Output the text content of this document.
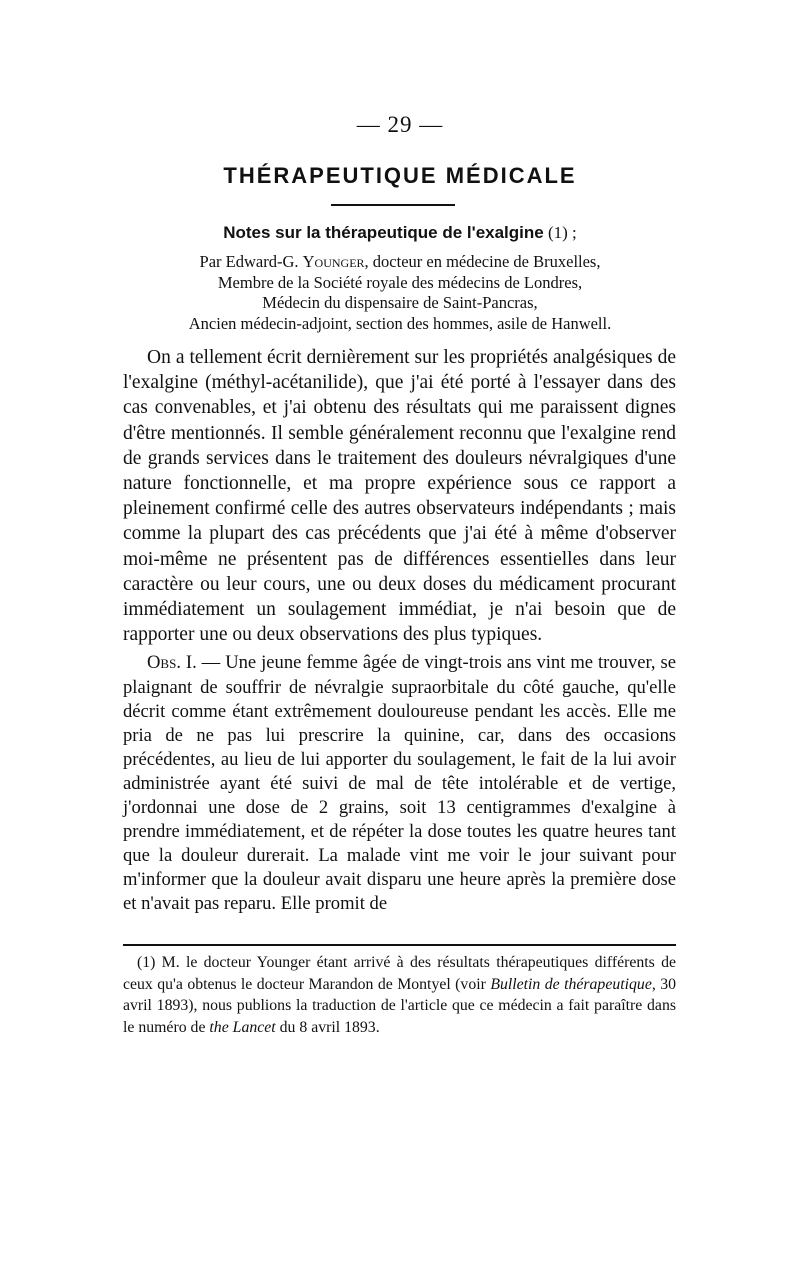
— 29 —
THÉRAPEUTIQUE MÉDICALE
Notes sur la thérapeutique de l'exalgine (1) ;
Par Edward-G. Younger, docteur en médecine de Bruxelles,
Membre de la Société royale des médecins de Londres,
Médecin du dispensaire de Saint-Pancras,
Ancien médecin-adjoint, section des hommes, asile de Hanwell.

On a tellement écrit dernièrement sur les propriétés analgésiques de l'exalgine (méthyl-acétanilide), que j'ai été porté à l'essayer dans des cas convenables, et j'ai obtenu des résultats qui me paraissent dignes d'être mentionnés. Il semble généralement reconnu que l'exalgine rend de grands services dans le traitement des douleurs névralgiques d'une nature fonctionnelle, et ma propre expérience sous ce rapport a pleinement confirmé celle des autres observateurs indépendants ; mais comme la plupart des cas précédents que j'ai été à même d'observer moi-même ne présentent pas de différences essentielles dans leur caractère ou leur cours, une ou deux doses du médicament procurant immédiatement un soulagement immédiat, je n'ai besoin que de rapporter une ou deux observations des plus typiques.

Obs. I. — Une jeune femme âgée de vingt-trois ans vint me trouver, se plaignant de souffrir de névralgie supraorbitale du côté gauche, qu'elle décrit comme étant extrêmement douloureuse pendant les accès. Elle me pria de ne pas lui prescrire la quinine, car, dans des occasions précédentes, au lieu de lui apporter du soulagement, le fait de la lui avoir administrée ayant été suivi de mal de tête intolérable et de vertige, j'ordonnai une dose de 2 grains, soit 13 centigrammes d'exalgine à prendre immédiatement, et de répéter la dose toutes les quatre heures tant que la douleur durerait. La malade vint me voir le jour suivant pour m'informer que la douleur avait disparu une heure après la première dose et n'avait pas reparu. Elle promit de

(1) M. le docteur Younger étant arrivé à des résultats thérapeutiques différents de ceux qu'a obtenus le docteur Marandon de Montyel (voir Bulletin de thérapeutique, 30 avril 1893), nous publions la traduction de l'article que ce médecin a fait paraître dans le numéro de the Lancet du 8 avril 1893.
